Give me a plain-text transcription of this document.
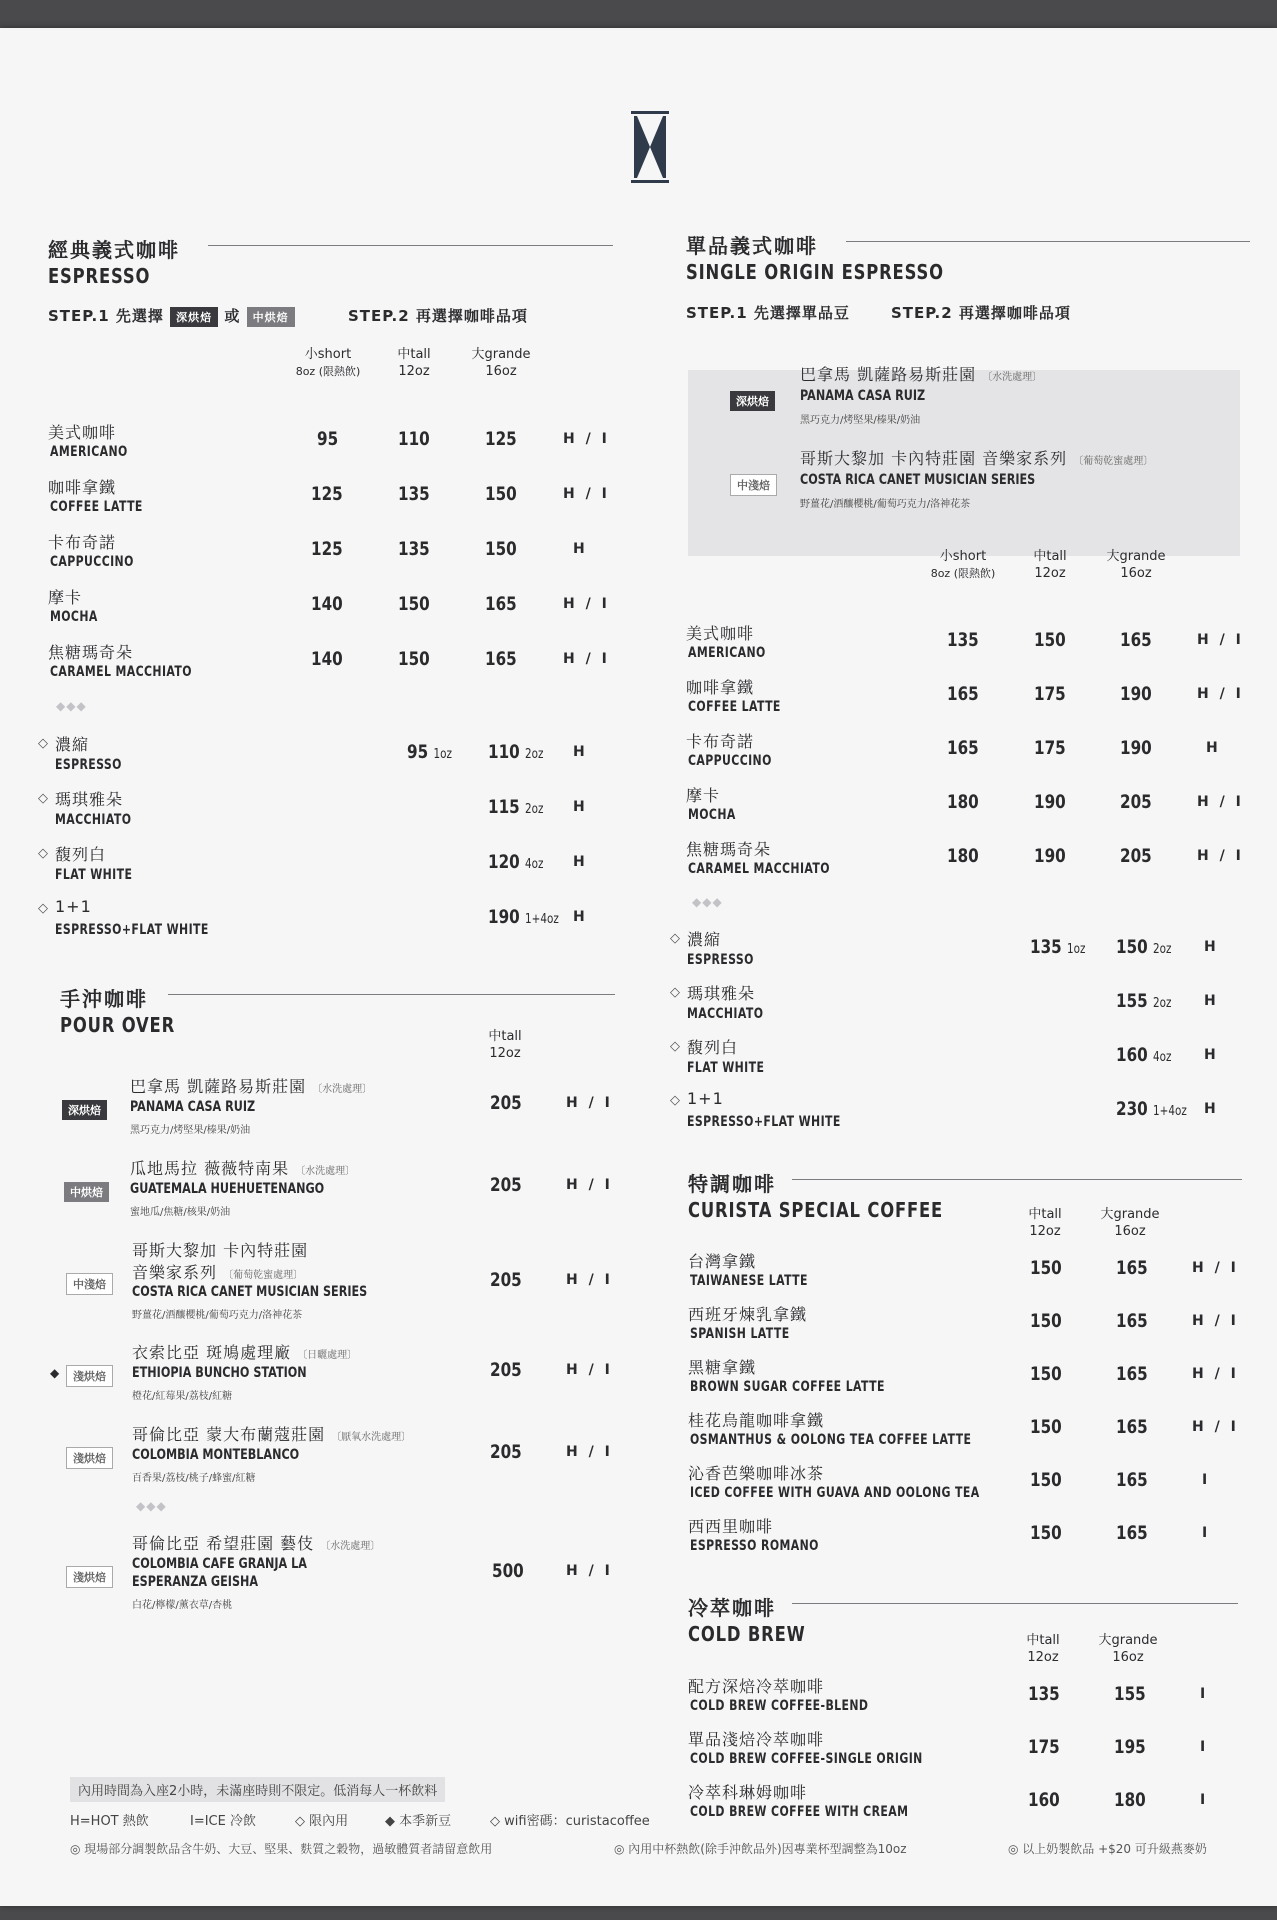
經典義式咖啡
ESPRESSO
STEP.1 先選擇 深烘焙 或 中烘焙	STEP.2 再選擇咖啡品項
小short
8oz (限熱飲)
中tall
12oz
大grande
16oz
美式咖啡
AMERICANO
95	110	125	H / I
咖啡拿鐵
COFFEE LATTE
125	135	150	H / I
卡布奇諾
CAPPUCCINO
125	135	150	H
摩卡
MOCHA
140	150	165	H / I
焦糖瑪奇朵
CARAMEL MACCHIATO
140	150	165	H / I
◆◆◆
◇ 濃縮
ESPRESSO
95 1oz 110 2oz H
◇ 瑪琪雅朵
MACCHIATO
115 2oz H
◇ 馥列白
FLAT WHITE
120 4oz H
◇ 1+1
ESPRESSO+FLAT WHITE
190 1+4oz H
手沖咖啡
POUR OVER	中tall
12oz
深烘焙
巴拿馬 凱薩路易斯莊園 〔水洗處理〕
PANAMA CASA RUIZ
黑巧克力/烤堅果/榛果/奶油
205	H / I
中烘焙
瓜地馬拉 薇薇特南果 〔水洗處理〕
GUATEMALA HUEHUETENANGO
蜜地瓜/焦糖/核果/奶油
205	H / I
中淺焙
哥斯大黎加 卡內特莊園
音樂家系列 〔葡萄乾蜜處理〕
COSTA RICA CANET MUSICIAN SERIES
野薑花/酒釀櫻桃/葡萄巧克力/洛神花茶
205	H / I
◆	淺烘焙
衣索比亞 斑鳩處理廠 〔日曬處理〕
ETHIOPIA BUNCHO STATION
橙花/紅莓果/荔枝/紅糖
205	H / I
淺烘焙
哥倫比亞 蒙大布蘭蔻莊園 〔厭氧水洗處理〕
COLOMBIA MONTEBLANCO
百香果/荔枝/桃子/蜂蜜/紅糖
205	H / I
◆◆◆
淺烘焙
哥倫比亞 希望莊園 藝伎 〔水洗處理〕
COLOMBIA CAFE GRANJA LA
ESPERANZA GEISHA
白花/檸檬/薰衣草/杏桃
500	H / I
單品義式咖啡
SINGLE ORIGIN ESPRESSO
STEP.1 先選擇單品豆	STEP.2 再選擇咖啡品項
深烘焙
巴拿馬 凱薩路易斯莊園 〔水洗處理〕
PANAMA CASA RUIZ
黑巧克力/烤堅果/榛果/奶油
中淺焙
哥斯大黎加 卡內特莊園 音樂家系列 〔葡萄乾蜜處理〕
COSTA RICA CANET MUSICIAN SERIES
野薑花/酒釀櫻桃/葡萄巧克力/洛神花茶
小short
8oz (限熱飲)
中tall
12oz
大grande
16oz
美式咖啡
AMERICANO
135	150	165	H / I
咖啡拿鐵
COFFEE LATTE
165	175	190	H / I
卡布奇諾
CAPPUCCINO
165	175	190	H
摩卡
MOCHA
180	190	205	H / I
焦糖瑪奇朵
CARAMEL MACCHIATO
180	190	205	H / I
◆◆◆
◇ 濃縮
ESPRESSO
135 1oz 150 2oz H
◇ 瑪琪雅朵
MACCHIATO
155 2oz H
◇ 馥列白
FLAT WHITE
160 4oz H
◇ 1+1
ESPRESSO+FLAT WHITE
230 1+4oz H
特調咖啡
CURISTA SPECIAL COFFEE	中tall
12oz
大grande
16oz
台灣拿鐵
TAIWANESE LATTE
150	165	H / I
西班牙煉乳拿鐵
SPANISH LATTE
150	165	H / I
黑糖拿鐵
BROWN SUGAR COFFEE LATTE
150	165	H / I
桂花烏龍咖啡拿鐵
OSMANTHUS & OOLONG TEA COFFEE LATTE
150	165	H / I
沁香芭樂咖啡冰茶
ICED COFFEE WITH GUAVA AND OOLONG TEA
150	165	I
西西里咖啡
ESPRESSO ROMANO
150	165	I
冷萃咖啡
COLD BREW	中tall
12oz
大grande
16oz
配方深焙冷萃咖啡
COLD BREW COFFEE-BLEND
135	155	I
單品淺焙冷萃咖啡
COLD BREW COFFEE-SINGLE ORIGIN
175	195	I
冷萃科琳姆咖啡
COLD BREW COFFEE WITH CREAM
160	180	I
內用時間為入座2小時，未滿座時則不限定。低消每人一杯飲料
H=HOT 熱飲	I=ICE 冷飲	◇ 限內用	◆ 本季新豆	◇ wifi密碼：curistacoffee
◎ 現場部分調製飲品含牛奶、大豆、堅果、麩質之穀物，過敏體質者請留意飲用	◎ 內用中杯熱飲(除手沖飲品外)因專業杯型調整為10oz	◎ 以上奶製飲品 +$20 可升級燕麥奶
